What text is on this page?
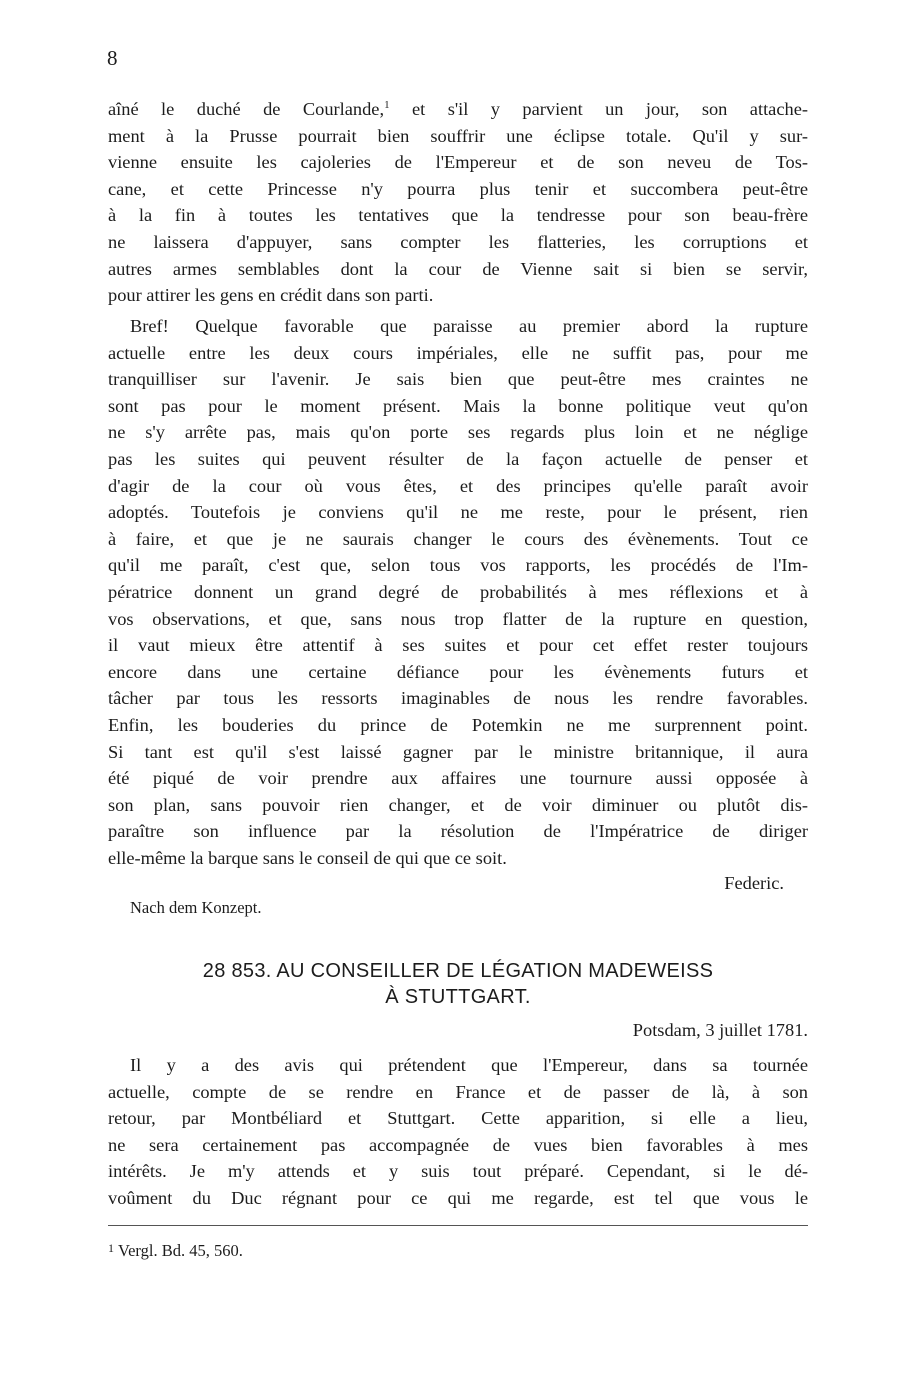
8
aîné le duché de Courlande,$^1$ et s'il y parvient un jour, son attache-
ment à la Prusse pourrait bien souffrir une éclipse totale. Qu'il y sur-
vienne ensuite les cajoleries de l'Empereur et de son neveu de Tos-
cane, et cette Princesse n'y pourra plus tenir et succombera peut-être
à la fin à toutes les tentatives que la tendresse pour son beau-frère
ne laissera d'appuyer, sans compter les flatteries, les corruptions et
autres armes semblables dont la cour de Vienne sait si bien se servir,
pour attirer les gens en crédit dans son parti.
Bref! Quelque favorable que paraisse au premier abord la rupture
actuelle entre les deux cours impériales, elle ne suffit pas, pour me
tranquilliser sur l'avenir. Je sais bien que peut-être mes craintes ne
sont pas pour le moment présent. Mais la bonne politique veut qu'on
ne s'y arrête pas, mais qu'on porte ses regards plus loin et ne néglige
pas les suites qui peuvent résulter de la façon actuelle de penser et
d'agir de la cour où vous êtes, et des principes qu'elle paraît avoir
adoptés. Toutefois je conviens qu'il ne me reste, pour le présent, rien
à faire, et que je ne saurais changer le cours des évènements. Tout ce
qu'il me paraît, c'est que, selon tous vos rapports, les procédés de l'Im-
pératrice donnent un grand degré de probabilités à mes réflexions et à
vos observations, et que, sans nous trop flatter de la rupture en question,
il vaut mieux être attentif à ses suites et pour cet effet rester toujours
encore dans une certaine défiance pour les évènements futurs et
tâcher par tous les ressorts imaginables de nous les rendre favorables.
Enfin, les bouderies du prince de Potemkin ne me surprennent point.
Si tant est qu'il s'est laissé gagner par le ministre britannique, il aura
été piqué de voir prendre aux affaires une tournure aussi opposée à
son plan, sans pouvoir rien changer, et de voir diminuer ou plutôt dis-
paraître son influence par la résolution de l'Impératrice de diriger
elle-même la barque sans le conseil de qui que ce soit.
Federic.
Nach dem Konzept.
28 853. AU CONSEILLER DE LÉGATION MADEWEISS
À STUTTGART.
Potsdam, 3 juillet 1781.
Il y a des avis qui prétendent que l'Empereur, dans sa tournée
actuelle, compte de se rendre en France et de passer de là, à son
retour, par Montbéliard et Stuttgart. Cette apparition, si elle a lieu,
ne sera certainement pas accompagnée de vues bien favorables à mes
intérêts. Je m'y attends et y suis tout préparé. Cependant, si le dé-
voûment du Duc régnant pour ce qui me regarde, est tel que vous le
$^1$ Vergl. Bd. 45, 560.
